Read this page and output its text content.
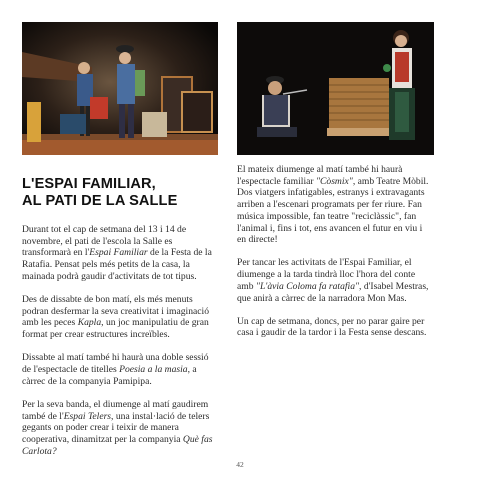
L'ESPAI FAMILIAR,
AL PATI DE LA SALLE

Durant tot el cap de setmana del 13 i 14 de novembre, el pati de l'escola la Salle es transformarà en l'Espai Familiar de la Festa de la Ratafia. Pensat pels més petits de la casa, la mainada podrà gaudir d'activitats de tot tipus.

Des de dissabte de bon matí, els més menuts podran desfermar la seva creativitat i imaginació amb les peces Kapla, un joc manipulatiu de gran format per crear estructures increïbles.

Dissabte al matí també hi haurà una doble sessió de l'espectacle de titelles Poesia a la masia, a càrrec de la companyia Pamipipa.

Per la seva banda, el diumenge al matí gaudirem també de l'Espai Telers, una instal·lació de telers gegants on poder crear i teixir de manera cooperativa, dinamitzat per la companyia Què fas Carlota?

El mateix diumenge al matí també hi haurà l'espectacle familiar "Còsmix", amb Teatre Mòbil. Dos viatgers infatigables, estranys i extravagants arriben a l'escenari programats per fer riure. Fan música impossible, fan teatre "reciclàssic", fan l'animal i, fins i tot, ens avancen el futur en viu i en directe!

Per tancar les activitats de l'Espai Familiar, el diumenge a la tarda tindrà lloc l'hora del conte amb "L'àvia Coloma fa ratafia", d'Isabel Mestras, que anirà a càrrec de la narradora Mon Mas.

Un cap de setmana, doncs, per no parar gaire per casa i gaudir de la tardor i la Festa sense descans.

42
